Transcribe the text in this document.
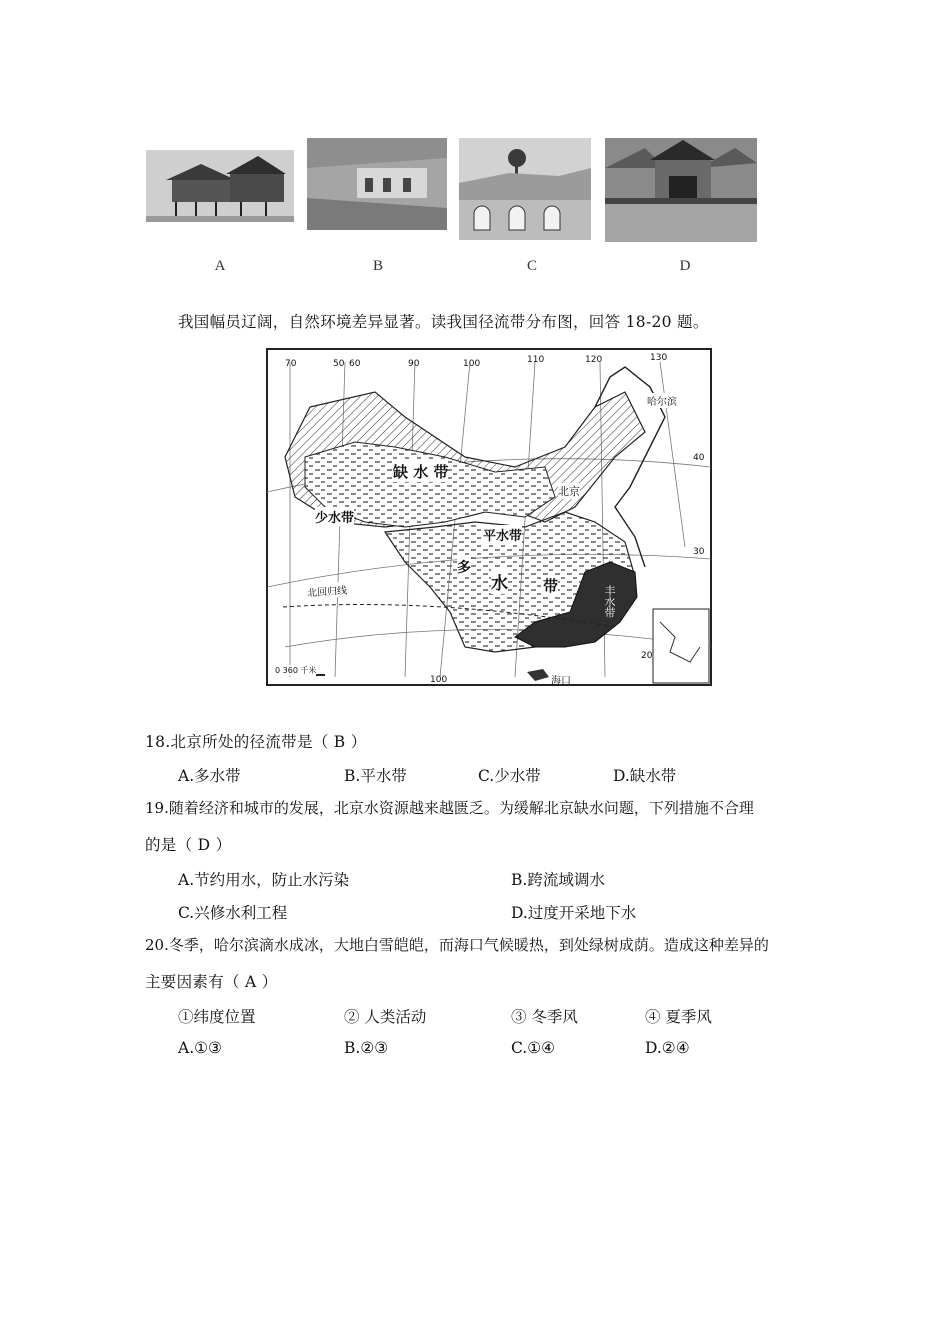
A	B	C	D
我国幅员辽阔，自然环境差异显著。读我国径流带分布图，回答 18-20 题。
70	50 60	90	100	110	120	130
100
40
30
20
缺 水 带
少水带
平水带
多
水 带	丰水带
哈尔滨
北京
海口
北回归线
0 360 千米
18.北京所处的径流带是（ B ）
A.多水带	B.平水带	C.少水带	D.缺水带
19.随着经济和城市的发展，北京水资源越来越匮乏。为缓解北京缺水问题，下列措施不合理
的是（ D ）
A.节约用水，防止水污染	B.跨流域调水
C.兴修水利工程	D.过度开采地下水
20.冬季，哈尔滨滴水成冰，大地白雪皑皑，而海口气候暖热，到处绿树成荫。造成这种差异的
主要因素有（ A ）
①纬度位置	② 人类活动	③ 冬季风	④ 夏季风
A.①③	B.②③	C.①④	D.②④
